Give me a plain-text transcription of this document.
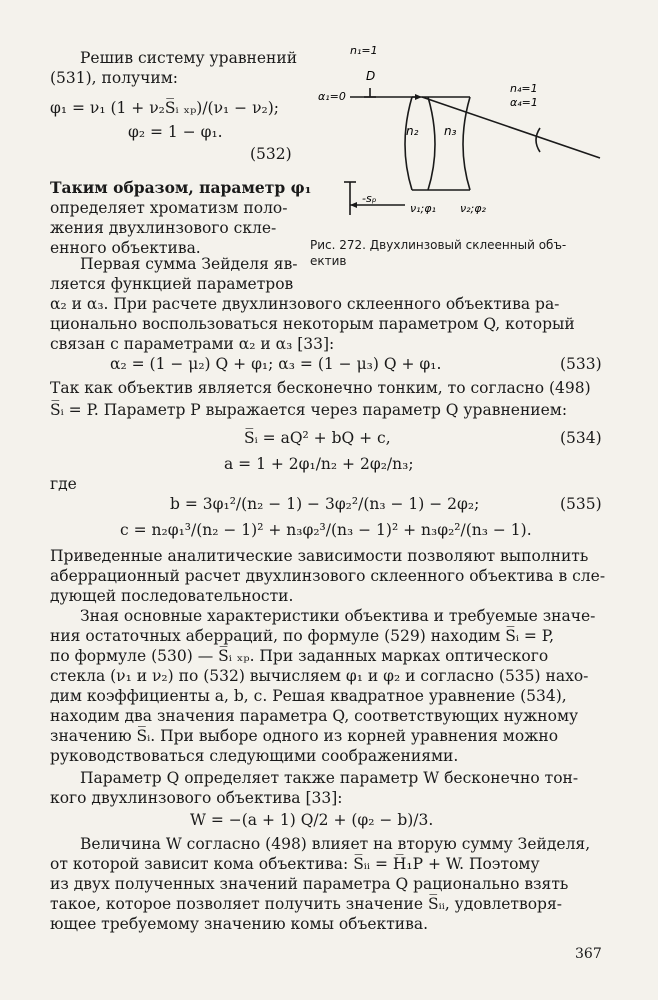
Решив систему уравнений
(531), получим:
φ₁ = ν₁ (1 + ν₂S̅ᵢ ₓₚ)/(ν₁ − ν₂);
φ₂ = 1 − φ₁.
(532)
Таким образом, параметр φ₁
определяет хроматизм поло-
жения двухлинзового скле-
енного объектива.
Первая сумма Зейделя яв-
ляется функцией параметров
n₁=1
D
α₁=0
n₂ n₃
n₄=1
α₄=1
-sₚ
ν₁;φ₁ ν₂;φ₂
Рис. 272. Двухлинзовый склеенный объ-
ектив
α₂ и α₃. При расчете двухлинзового склеенного объектива ра-
ционально воспользоваться некоторым параметром Q, который
связан с параметрами α₂ и α₃ [33]:
α₂ = (1 − μ₂) Q + φ₁; α₃ = (1 − μ₃) Q + φ₁.	(533)
Так как объектив является бесконечно тонким, то согласно (498)
S̅ᵢ = P. Параметр P выражается через параметр Q уравнением:
S̅ᵢ = aQ² + bQ + c,	(534)
a = 1 + 2φ₁/n₂ + 2φ₂/n₃;
где
b = 3φ₁²/(n₂ − 1) − 3φ₂²/(n₃ − 1) − 2φ₂;	(535)
c = n₂φ₁³/(n₂ − 1)² + n₃φ₂³/(n₃ − 1)² + n₃φ₂²/(n₃ − 1).
Приведенные аналитические зависимости позволяют выполнить
аберрационный расчет двухлинзового склеенного объектива в сле-
дующей последовательности.
Зная основные характеристики объектива и требуемые значе-
ния остаточных аберраций, по формуле (529) находим S̅ᵢ = P,
по формуле (530) — S̅ᵢ ₓₚ. При заданных марках оптического
стекла (ν₁ и ν₂) по (532) вычисляем φ₁ и φ₂ и согласно (535) нахо-
дим коэффициенты a, b, c. Решая квадратное уравнение (534),
находим два значения параметра Q, соответствующих нужному
значению S̅ᵢ. При выборе одного из корней уравнения можно
руководствоваться следующими соображениями.
Параметр Q определяет также параметр W бесконечно тон-
кого двухлинзового объектива [33]:
W = −(a + 1) Q/2 + (φ₂ − b)/3.
Величина W согласно (498) влияет на вторую сумму Зейделя,
от которой зависит кома объектива: S̅ᵢᵢ = H̅₁P + W. Поэтому
из двух полученных значений параметра Q рационально взять
такое, которое позволяет получить значение S̅ᵢᵢ, удовлетворя-
ющее требуемому значению комы объектива.
367
